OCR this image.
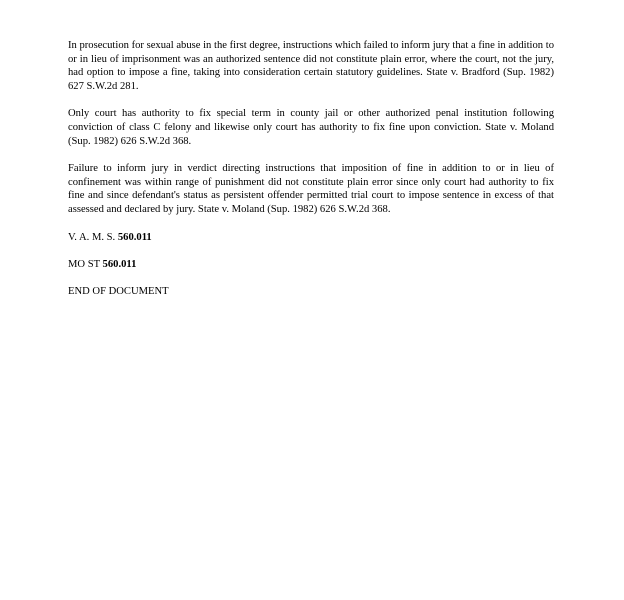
In prosecution for sexual abuse in the first degree, instructions which failed to inform jury that a fine in addition to or in lieu of imprisonment was an authorized sentence did not constitute plain error, where the court, not the jury, had option to impose a fine, taking into consideration certain statutory guidelines. State v. Bradford (Sup. 1982) 627 S.W.2d 281.

Only court has authority to fix special term in county jail or other authorized penal institution following conviction of class C felony and likewise only court has authority to fix fine upon conviction. State v. Moland (Sup. 1982) 626 S.W.2d 368.

Failure to inform jury in verdict directing instructions that imposition of fine in addition to or in lieu of confinement was within range of punishment did not constitute plain error since only court had authority to fix fine and since defendant's status as persistent offender permitted trial court to impose sentence in excess of that assessed and declared by jury. State v. Moland (Sup. 1982) 626 S.W.2d 368.

V. A. M. S. 560.011
MO ST 560.011
END OF DOCUMENT
